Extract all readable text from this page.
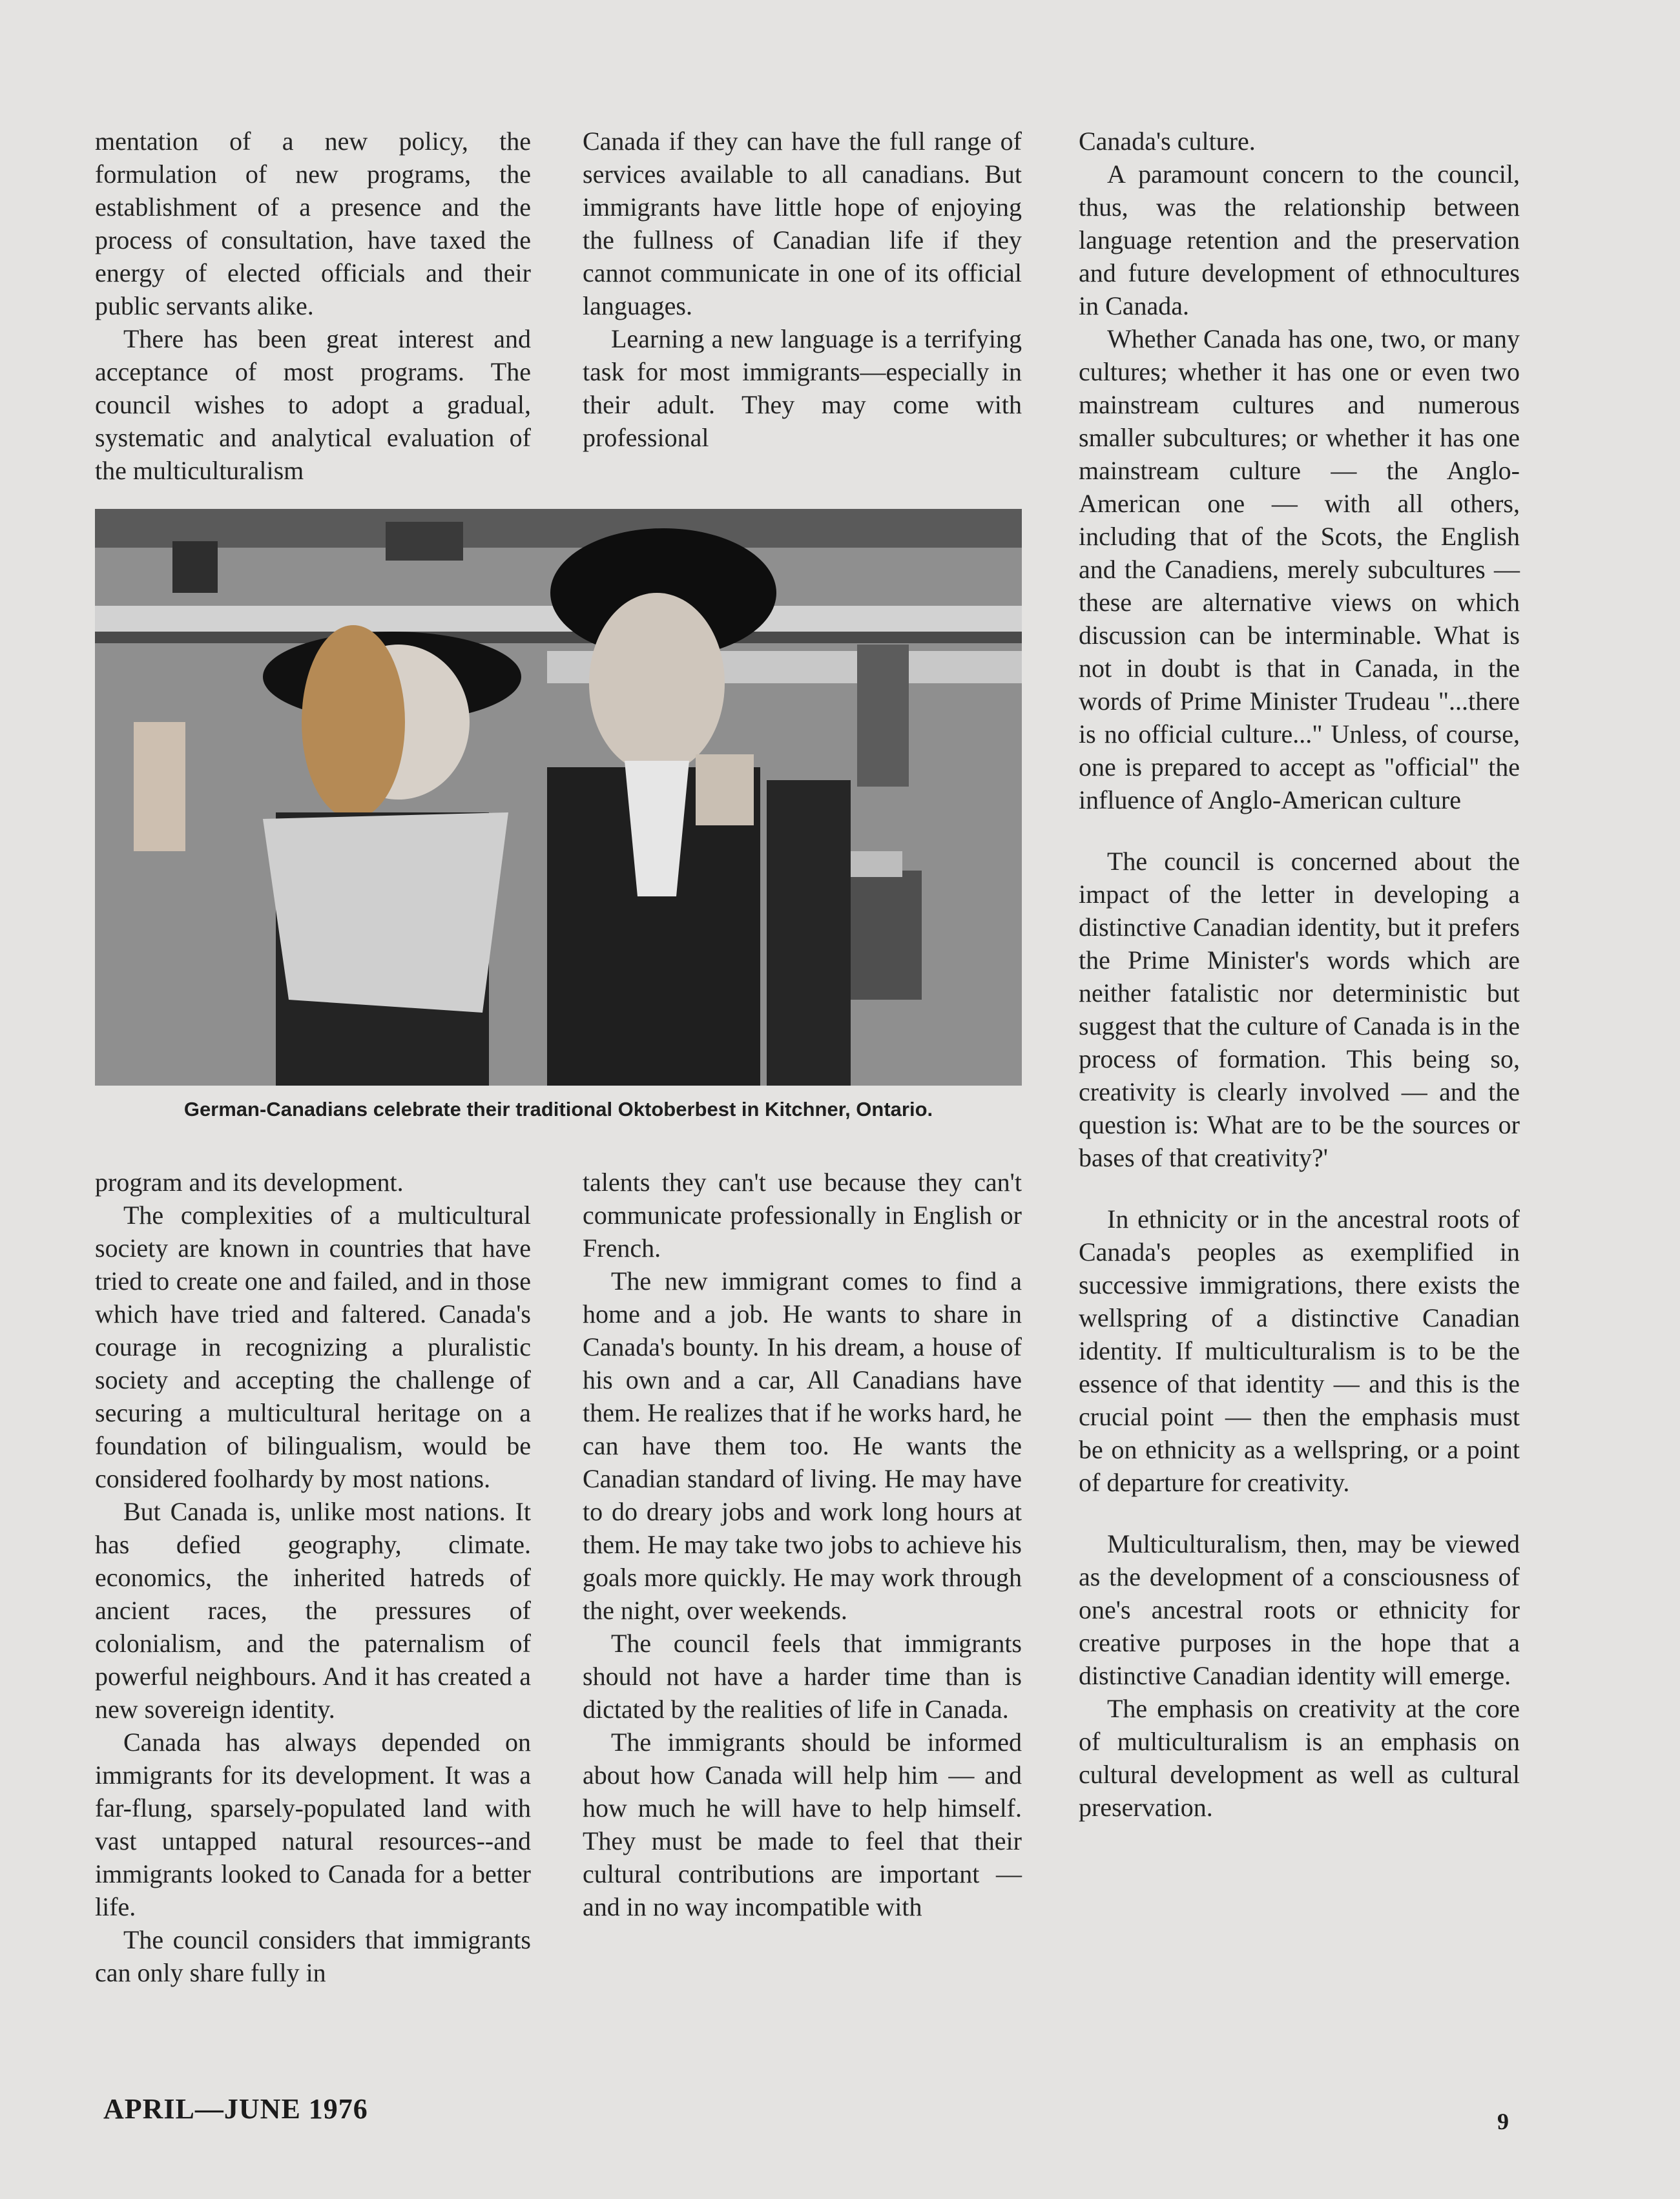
mentation of a new policy, the formulation of new programs, the establishment of a presence and the process of consultation, have taxed the energy of elected officials and their public servants alike.

There has been great interest and acceptance of most programs. The council wishes to adopt a gradual, systematic and analytical evaluation of the multiculturalism

Canada if they can have the full range of services available to all canadians. But immigrants have little hope of enjoying the fullness of Canadian life if they cannot communicate in one of its official languages.

Learning a new language is a terrifying task for most immigrants—especially in their adult. They may come with professional

German-Canadians celebrate their traditional Oktoberbest in Kitchner, Ontario.

program and its development.

The complexities of a multicultural society are known in countries that have tried to create one and failed, and in those which have tried and faltered. Canada's courage in recognizing a pluralistic society and accepting the challenge of securing a multicultural heritage on a foundation of bilingualism, would be considered foolhardy by most nations.

But Canada is, unlike most nations. It has defied geography, climate. economics, the inherited hatreds of ancient races, the pressures of colonialism, and the paternalism of powerful neighbours. And it has created a new sovereign identity.

Canada has always depended on immigrants for its development. It was a far-flung, sparsely-populated land with vast untapped natural resources--and immigrants looked to Canada for a better life.

The council considers that immigrants can only share fully in

talents they can't use because they can't communicate professionally in English or French.

The new immigrant comes to find a home and a job. He wants to share in Canada's bounty. In his dream, a house of his own and a car, All Canadians have them. He realizes that if he works hard, he can have them too. He wants the Canadian standard of living. He may have to do dreary jobs and work long hours at them. He may take two jobs to achieve his goals more quickly. He may work through the night, over weekends.

The council feels that immigrants should not have a harder time than is dictated by the realities of life in Canada.

The immigrants should be informed about how Canada will help him — and how much he will have to help himself. They must be made to feel that their cultural contributions are important — and in no way incompatible with

Canada's culture.

A paramount concern to the council, thus, was the relationship between language retention and the preservation and future development of ethnocultures in Canada.

Whether Canada has one, two, or many cultures; whether it has one or even two mainstream cultures and numerous smaller subcultures; or whether it has one mainstream culture — the Anglo-American one — with all others, including that of the Scots, the English and the Canadiens, merely subcultures — these are alternative views on which discussion can be interminable. What is not in doubt is that in Canada, in the words of Prime Minister Trudeau "...there is no official culture..." Unless, of course, one is prepared to accept as "official" the influence of Anglo-American culture

The council is concerned about the impact of the letter in developing a distinctive Canadian identity, but it prefers the Prime Minister's words which are neither fatalistic nor deterministic but suggest that the culture of Canada is in the process of formation. This being so, creativity is clearly involved — and the question is: What are to be the sources or bases of that creativity?'

In ethnicity or in the ancestral roots of Canada's peoples as exemplified in successive immigrations, there exists the wellspring of a distinctive Canadian identity. If multiculturalism is to be the essence of that identity — and this is the crucial point — then the emphasis must be on ethnicity as a wellspring, or a point of departure for creativity.

Multiculturalism, then, may be viewed as the development of a consciousness of one's ancestral roots or ethnicity for creative purposes in the hope that a distinctive Canadian identity will emerge.

The emphasis on creativity at the core of multiculturalism is an emphasis on cultural development as well as cultural preservation.

APRIL—JUNE 1976	9
